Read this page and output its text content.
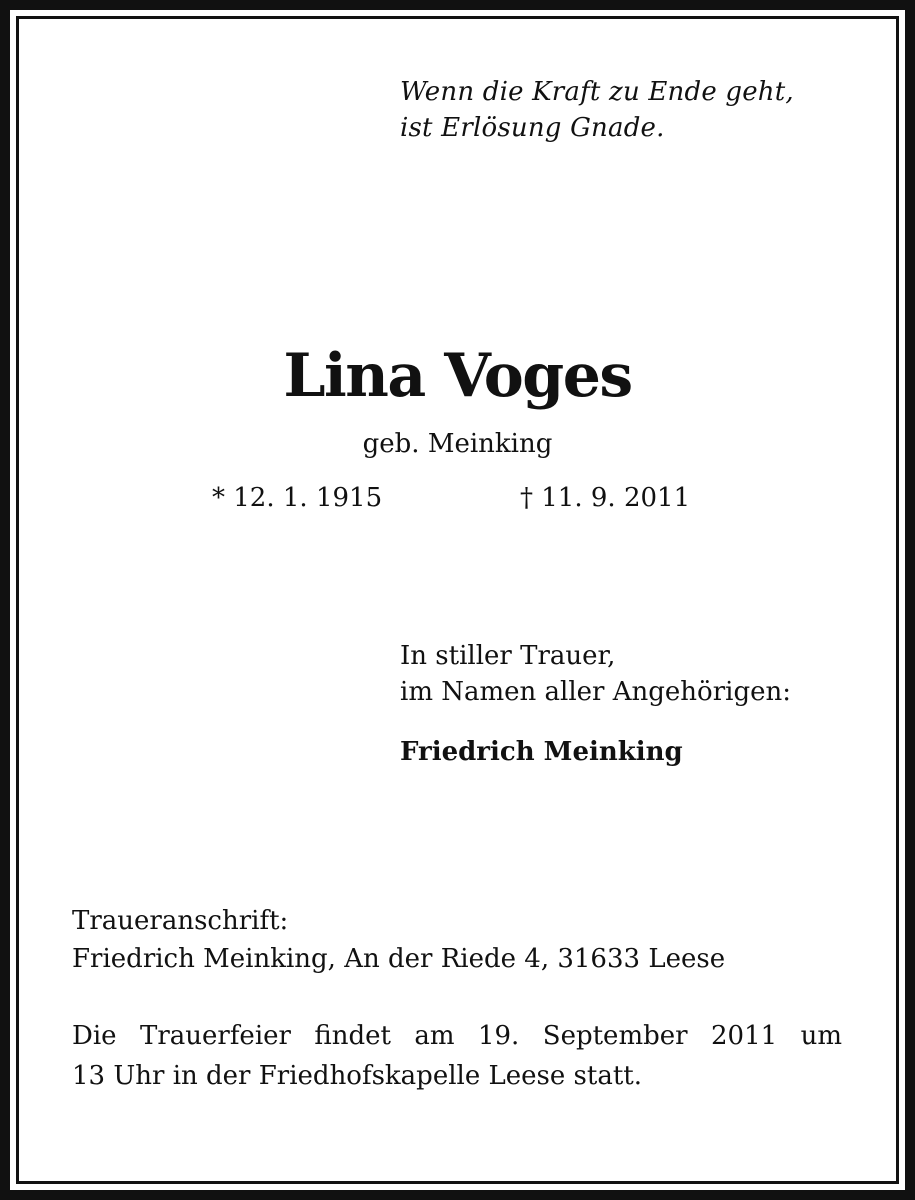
Wenn die Kraft zu Ende geht,
ist Erlösung Gnade.
Lina Voges
geb. Meinking
* 12. 1. 1915	† 11. 9. 2011
In stiller Trauer,
im Namen aller Angehörigen:
Friedrich Meinking
Traueranschrift:
Friedrich Meinking, An der Riede 4, 31633 Leese
Die Trauerfeier findet am 19. September 2011 um
13 Uhr in der Friedhofskapelle Leese statt.
